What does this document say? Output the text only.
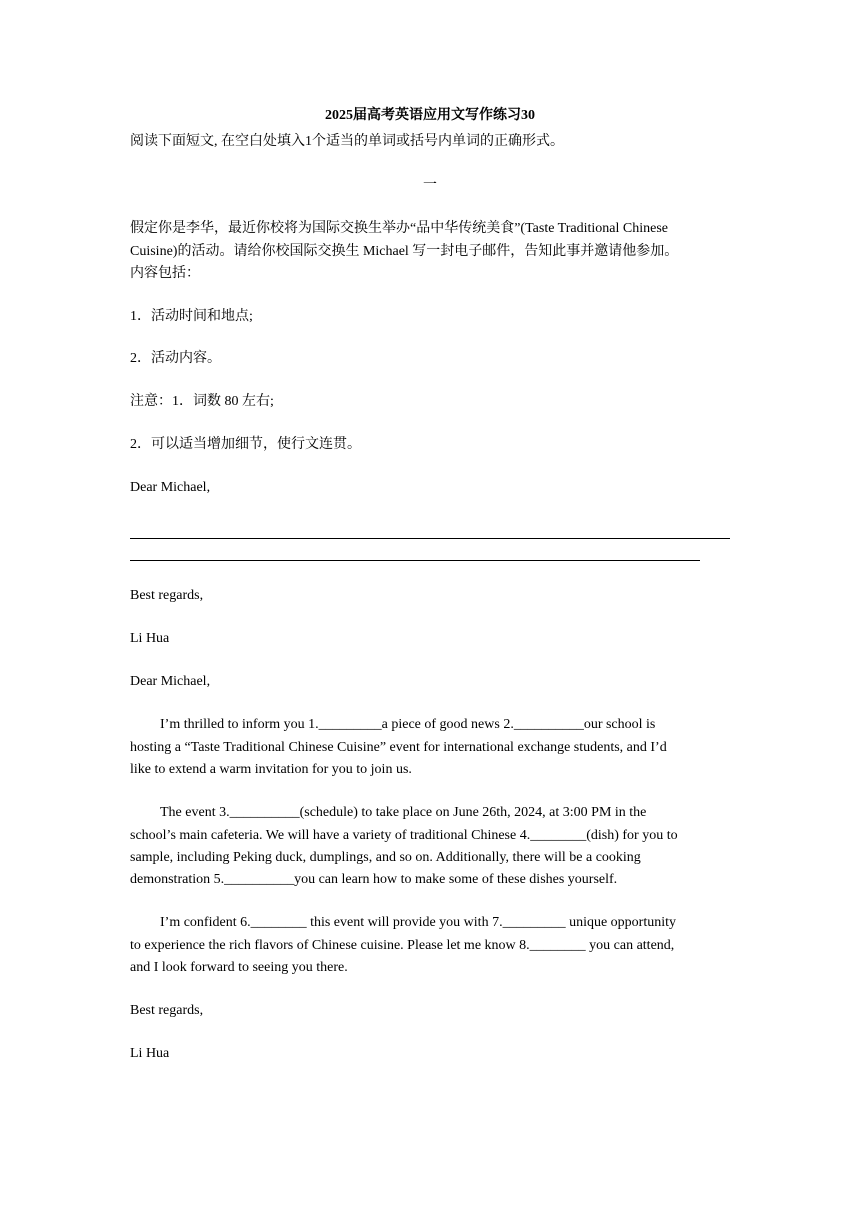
2025届高考英语应用文写作练习30
阅读下面短文, 在空白处填入1个适当的单词或括号内单词的正确形式。
一
假定你是李华，最近你校将为国际交换生举办“品中华传统美食”(Taste Traditional Chinese
Cuisine)的活动。请给你校国际交换生 Michael 写一封电子邮件，告知此事并邀请他参加。
内容包括：
1．活动时间和地点;
2．活动内容。
注意：1．词数 80 左右;
2．可以适当增加细节，使行文连贯。
Dear Michael,
Best regards,
Li Hua
Dear Michael,
I’m thrilled to inform you 1._________a piece of good news 2.__________our school is
hosting a “Taste Traditional Chinese Cuisine” event for international exchange students, and I’d
like to extend a warm invitation for you to join us.
The event 3.__________(schedule) to take place on June 26th, 2024, at 3:00 PM in the
school’s main cafeteria. We will have a variety of traditional Chinese 4.________(dish) for you to
sample, including Peking duck, dumplings, and so on. Additionally, there will be a cooking
demonstration 5.__________you can learn how to make some of these dishes yourself.
I’m confident 6.________ this event will provide you with 7._________ unique opportunity
to experience the rich flavors of Chinese cuisine. Please let me know 8.________ you can attend,
and I look forward to seeing you there.
Best regards,
Li Hua
